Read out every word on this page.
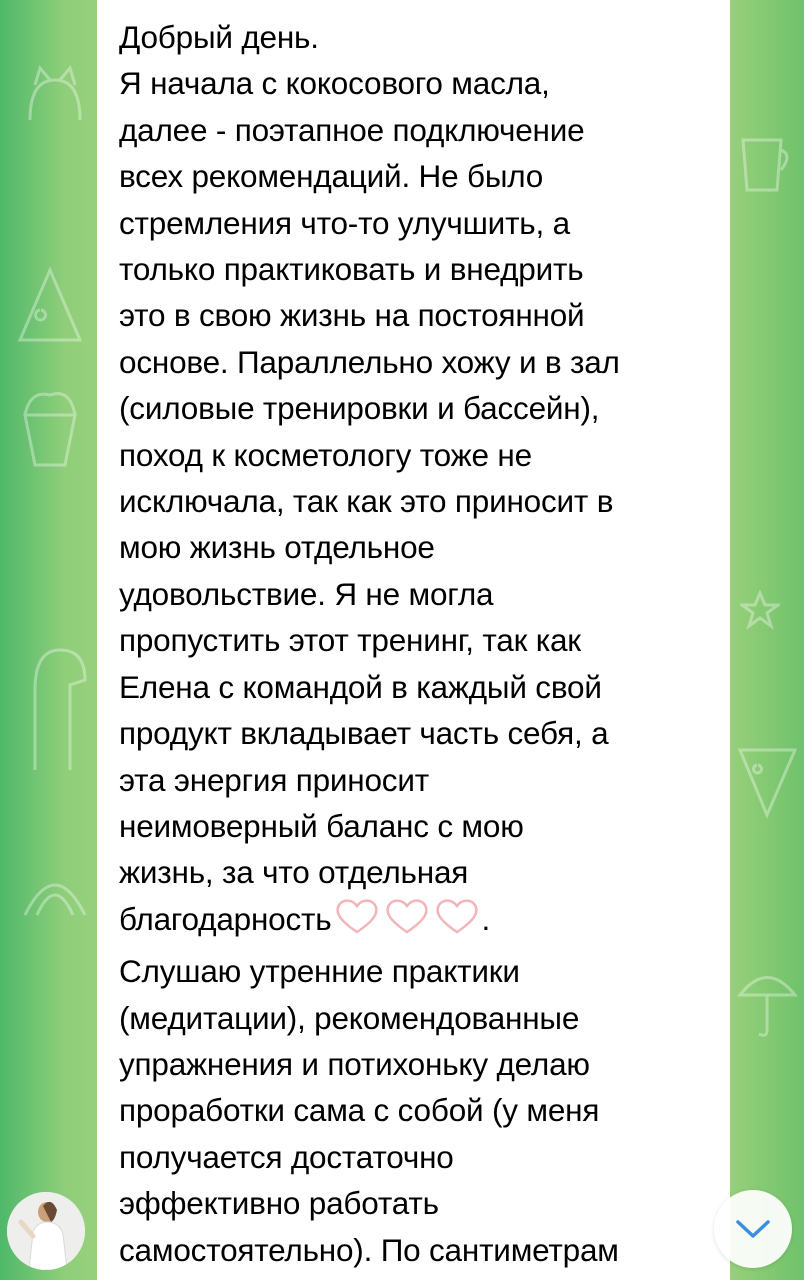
Добрый день.
Я начала с кокосового масла,
далее - поэтапное подключение
всех рекомендаций. Не было
стремления что-то улучшить, а
только практиковать и внедрить
это в свою жизнь на постоянной
основе. Параллельно хожу и в зал
(силовые тренировки и бассейн),
поход к косметологу тоже не
исключала, так как это приносит в
мою жизнь отдельное
удовольствие. Я не могла
пропустить этот тренинг, так как
Елена с командой в каждый свой
продукт вкладывает часть себя, а
эта энергия приносит
неимоверный баланс с мою
жизнь, за что отдельная
благодарность	.
Слушаю утренние практики
(медитации), рекомендованные
упражнения и потихоньку делаю
проработки сама с собой (у меня
получается достаточно
эффективно работать
самостоятельно). По сантиметрам
